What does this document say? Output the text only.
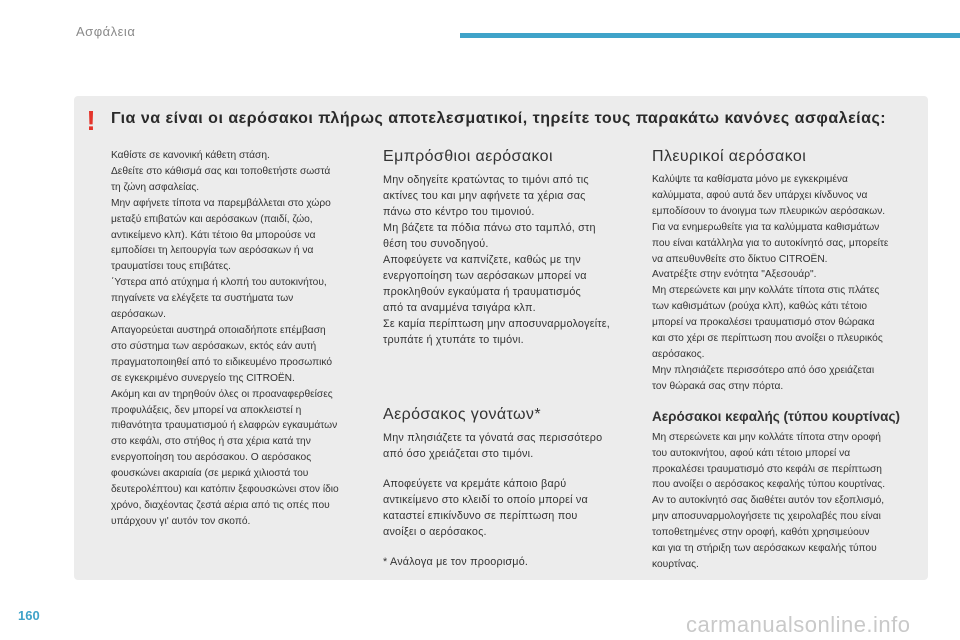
Ασφάλεια
! Για να είναι οι αερόσακοι πλήρως αποτελεσματικοί, τηρείτε τους παρακάτω κανόνες ασφαλείας:
Καθίστε σε κανονική κάθετη στάση.
Δεθείτε στο κάθισμά σας και τοποθετήστε σωστά
τη ζώνη ασφαλείας.
Μην αφήνετε τίποτα να παρεμβάλλεται στο χώρο
μεταξύ επιβατών και αερόσακων (παιδί, ζώο,
αντικείμενο κλπ). Κάτι τέτοιο θα μπορούσε να
εμποδίσει τη λειτουργία των αερόσακων ή να
τραυματίσει τους επιβάτες.
΄Υστερα από ατύχημα ή κλοπή του αυτοκινήτου,
πηγαίνετε να ελέγξετε τα συστήματα των
αερόσακων.
Απαγορεύεται αυστηρά οποιαδήποτε επέμβαση
στο σύστημα των αερόσακων, εκτός εάν αυτή
πραγματοποιηθεί από το ειδικευμένο προσωπικό
σε εγκεκριμένο συνεργείο της CITROËN.
Ακόμη και αν τηρηθούν όλες οι προαναφερθείσες
προφυλάξεις, δεν μπορεί να αποκλειστεί η
πιθανότητα τραυματισμού ή ελαφρών εγκαυμάτων
στο κεφάλι, στο στήθος ή στα χέρια κατά την
ενεργοποίηση του αερόσακου. Ο αερόσακος
φουσκώνει ακαριαία (σε μερικά χιλιοστά του
δευτερολέπτου) και κατόπιν ξεφουσκώνει στον ίδιο
χρόνο, διαχέοντας ζεστά αέρια από τις οπές που
υπάρχουν γι' αυτόν τον σκοπό.
Εμπρόσθιοι αερόσακοι
Μην οδηγείτε κρατώντας το τιμόνι από τις
ακτίνες του και μην αφήνετε τα χέρια σας
πάνω στο κέντρο του τιμονιού.
Μη βάζετε τα πόδια πάνω στο ταμπλό, στη
θέση του συνοδηγού.
Αποφεύγετε να καπνίζετε, καθώς με την
ενεργοποίηση των αερόσακων μπορεί να
προκληθούν εγκαύματα ή τραυματισμός
από τα αναμμένα τσιγάρα κλπ.
Σε καμία περίπτωση μην αποσυναρμολογείτε,
τρυπάτε ή χτυπάτε το τιμόνι.
Αερόσακος γονάτων*
Μην πλησιάζετε τα γόνατά σας περισσότερο
από όσο χρειάζεται στο τιμόνι.
Αποφεύγετε να κρεμάτε κάποιο βαρύ
αντικείμενο στο κλειδί το οποίο μπορεί να
καταστεί επικίνδυνο σε περίπτωση που
ανοίξει ο αερόσακος.
* Ανάλογα με τον προορισμό.
Πλευρικοί αερόσακοι
Καλύψτε τα καθίσματα μόνο με εγκεκριμένα
καλύμματα, αφού αυτά δεν υπάρχει κίνδυνος να
εμποδίσουν το άνοιγμα των πλευρικών αερόσακων.
Για να ενημερωθείτε για τα καλύμματα καθισμάτων
που είναι κατάλληλα για το αυτοκίνητό σας, μπορείτε
να απευθυνθείτε στο δίκτυο CITROËN.
Ανατρέξτε στην ενότητα "Αξεσουάρ".
Μη στερεώνετε και μην κολλάτε τίποτα στις πλάτες
των καθισμάτων (ρούχα κλπ), καθώς κάτι τέτοιο
μπορεί να προκαλέσει τραυματισμό στον θώρακα
και στο χέρι σε περίπτωση που ανοίξει ο πλευρικός
αερόσακος.
Μην πλησιάζετε περισσότερο από όσο χρειάζεται
τον θώρακά σας στην πόρτα.
Αερόσακοι κεφαλής (τύπου κουρτίνας)
Μη στερεώνετε και μην κολλάτε τίποτα στην οροφή
του αυτοκινήτου, αφού κάτι τέτοιο μπορεί να
προκαλέσει τραυματισμό στο κεφάλι σε περίπτωση
που ανοίξει ο αερόσακος κεφαλής τύπου κουρτίνας.
Αν το αυτοκίνητό σας διαθέτει αυτόν τον εξοπλισμό,
μην αποσυναρμολογήσετε τις χειρολαβές που είναι
τοποθετημένες στην οροφή, καθότι χρησιμεύουν
και για τη στήριξη των αερόσακων κεφαλής τύπου
κουρτίνας.
160	carmanualsonline.info
